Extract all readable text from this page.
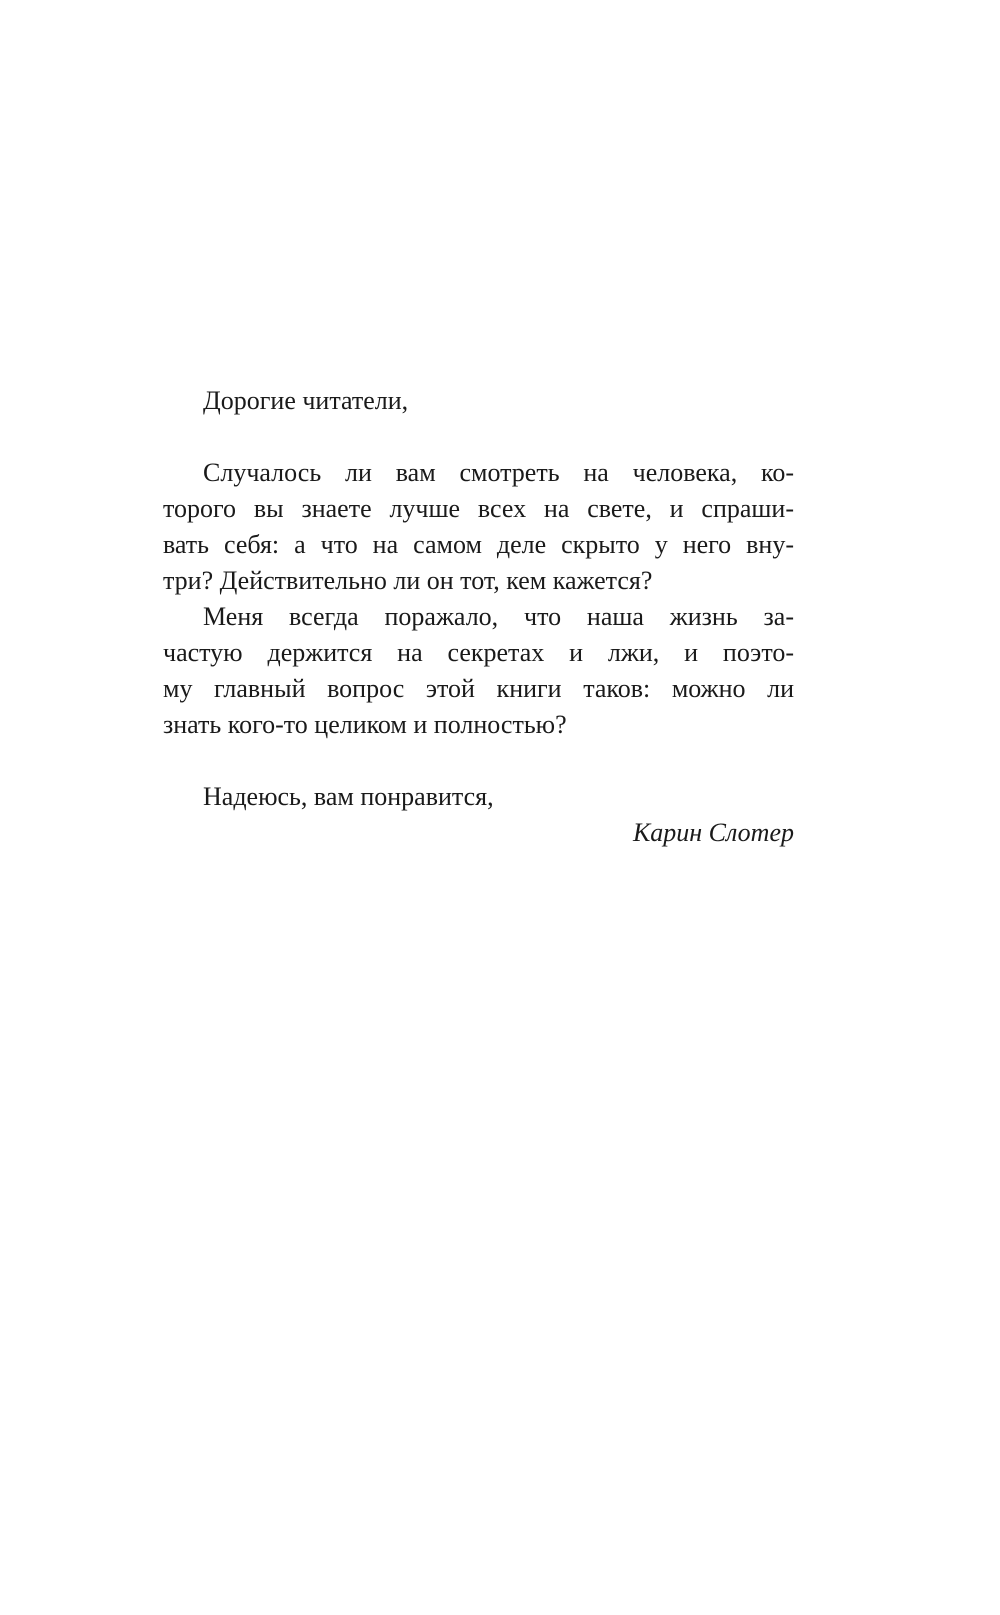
Дорогие читатели,
Случалось ли вам смотреть на человека, ко-
торого вы знаете лучше всех на свете, и спраши-
вать себя: а что на самом деле скрыто у него вну-
три? Действительно ли он тот, кем кажется?
Меня всегда поражало, что наша жизнь за-
частую держится на секретах и лжи, и поэто-
му главный вопрос этой книги таков: можно ли
знать кого-то целиком и полностью?
Надеюсь, вам понравится,
Карин Слотер
